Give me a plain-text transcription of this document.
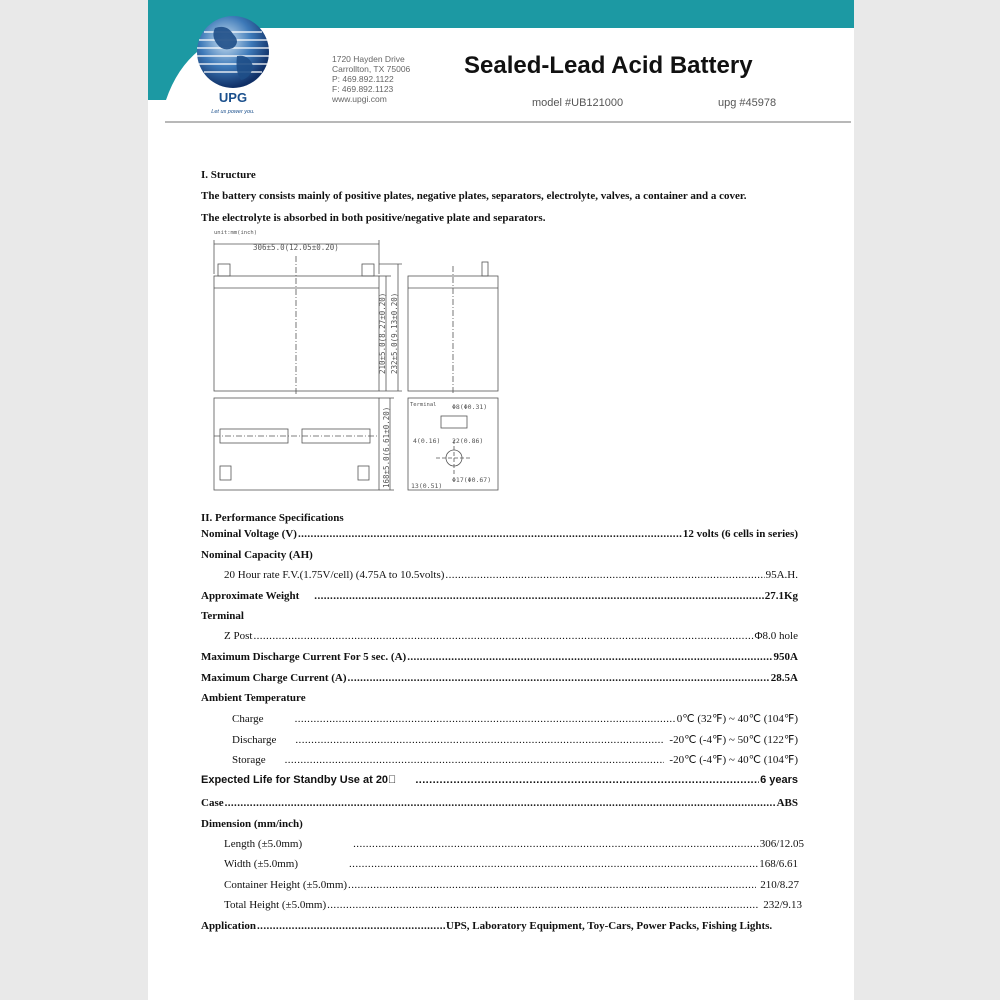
UPG
Let us power you.
1720 Hayden Drive
Carrollton, TX 75006
P: 469.892.1122
F: 469.892.1123
www.upgi.com
Sealed-Lead Acid Battery
model #UB121000	upg #45978
I. Structure
The battery consists mainly of positive plates, negative plates, separators, electrolyte, valves, a container and a cover.
The electrolyte is absorbed in both positive/negative plate and separators.
unit:mm(inch)
306±5.0(12.05±0.20)
Terminal Φ8(Φ0.31)
4(0.16) 22(0.86)
Φ17(Φ0.67)
13(0.51)
210±5.0(8.27±0.20) 232±5.0(9.13±0.20)
168±5.0(6.61±0.20)
II. Performance Specifications
Nominal Voltage (V) .....	12 volts (6 cells in series)
Nominal Capacity (AH)
20 Hour rate F.V.(1.75V/cell) (4.75A to 10.5volts) .....	95A.H.
Approximate Weight .....	27.1Kg
Terminal
Z Post .....	Φ8.0 hole
Maximum Discharge Current For 5 sec. (A) .....	950A
Maximum Charge Current (A) .....	28.5A
Ambient Temperature
Charge .....	0℃ (32℉) ~ 40℃ (104℉)
Discharge .....	-20℃ (-4℉) ~ 50℃ (122℉)
Storage .....	-20℃ (-4℉) ~ 40℃ (104℉)
Expected Life for Standby Use at 20  .....	6 years
Case .....	ABS
Dimension (mm/inch)
Length (±5.0mm) .....	306/12.05
Width (±5.0mm) .....	168/6.61
Container Height (±5.0mm) .....	210/8.27
Total Height (±5.0mm) .....	232/9.13
Application .....	UPS, Laboratory Equipment, Toy-Cars, Power Packs, Fishing Lights.
